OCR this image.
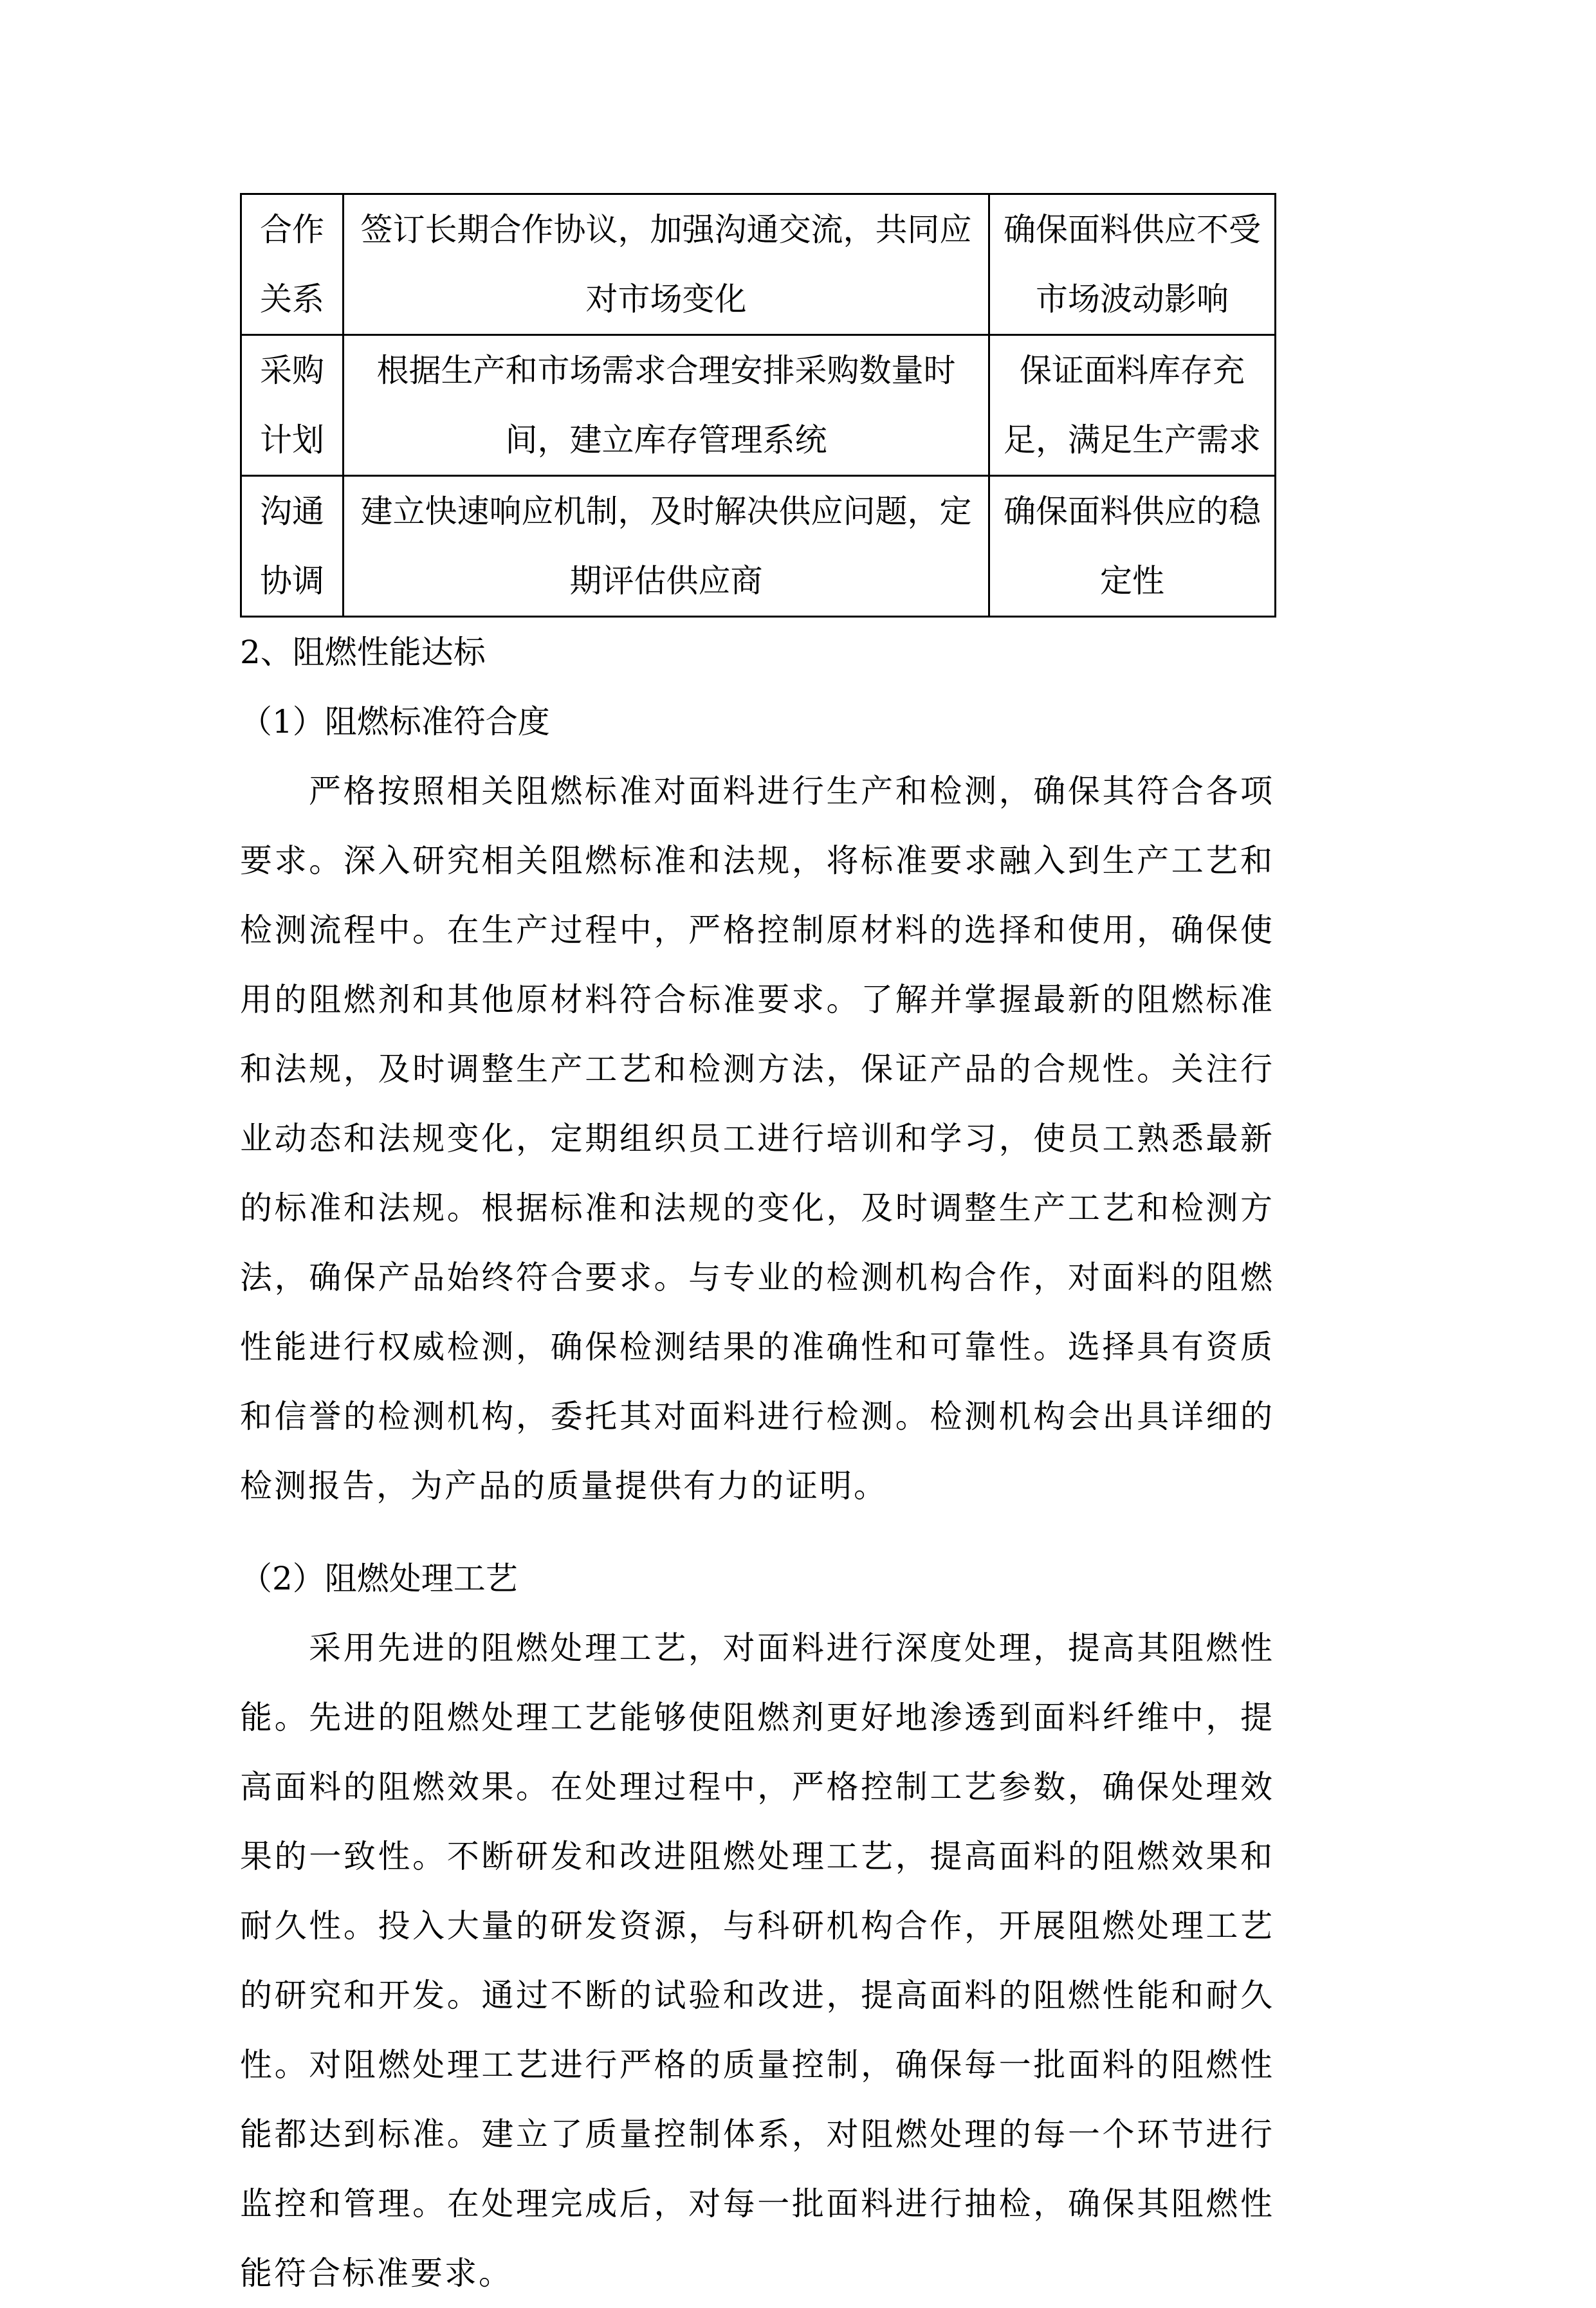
合作关系	签订长期合作协议，加强沟通交流，共同应对市场变化	确保面料供应不受市场波动影响
采购计划	根据生产和市场需求合理安排采购数量时间，建立库存管理系统	保证面料库存充足，满足生产需求
沟通协调	建立快速响应机制，及时解决供应问题，定期评估供应商	确保面料供应的稳定性
2、阻燃性能达标
（1）阻燃标准符合度

严格按照相关阻燃标准对面料进行生产和检测，确保其符合各项要求。深入研究相关阻燃标准和法规，将标准要求融入到生产工艺和检测流程中。在生产过程中，严格控制原材料的选择和使用，确保使用的阻燃剂和其他原材料符合标准要求。了解并掌握最新的阻燃标准和法规，及时调整生产工艺和检测方法，保证产品的合规性。关注行业动态和法规变化，定期组织员工进行培训和学习，使员工熟悉最新的标准和法规。根据标准和法规的变化，及时调整生产工艺和检测方法，确保产品始终符合要求。与专业的检测机构合作，对面料的阻燃性能进行权威检测，确保检测结果的准确性和可靠性。选择具有资质和信誉的检测机构，委托其对面料进行检测。检测机构会出具详细的检测报告，为产品的质量提供有力的证明。

（2）阻燃处理工艺

采用先进的阻燃处理工艺，对面料进行深度处理，提高其阻燃性能。先进的阻燃处理工艺能够使阻燃剂更好地渗透到面料纤维中，提高面料的阻燃效果。在处理过程中，严格控制工艺参数，确保处理效果的一致性。不断研发和改进阻燃处理工艺，提高面料的阻燃效果和耐久性。投入大量的研发资源，与科研机构合作，开展阻燃处理工艺的研究和开发。通过不断的试验和改进，提高面料的阻燃性能和耐久性。对阻燃处理工艺进行严格的质量控制，确保每一批面料的阻燃性能都达到标准。建立了质量控制体系，对阻燃处理的每一个环节进行监控和管理。在处理完成后，对每一批面料进行抽检，确保其阻燃性能符合标准要求。
